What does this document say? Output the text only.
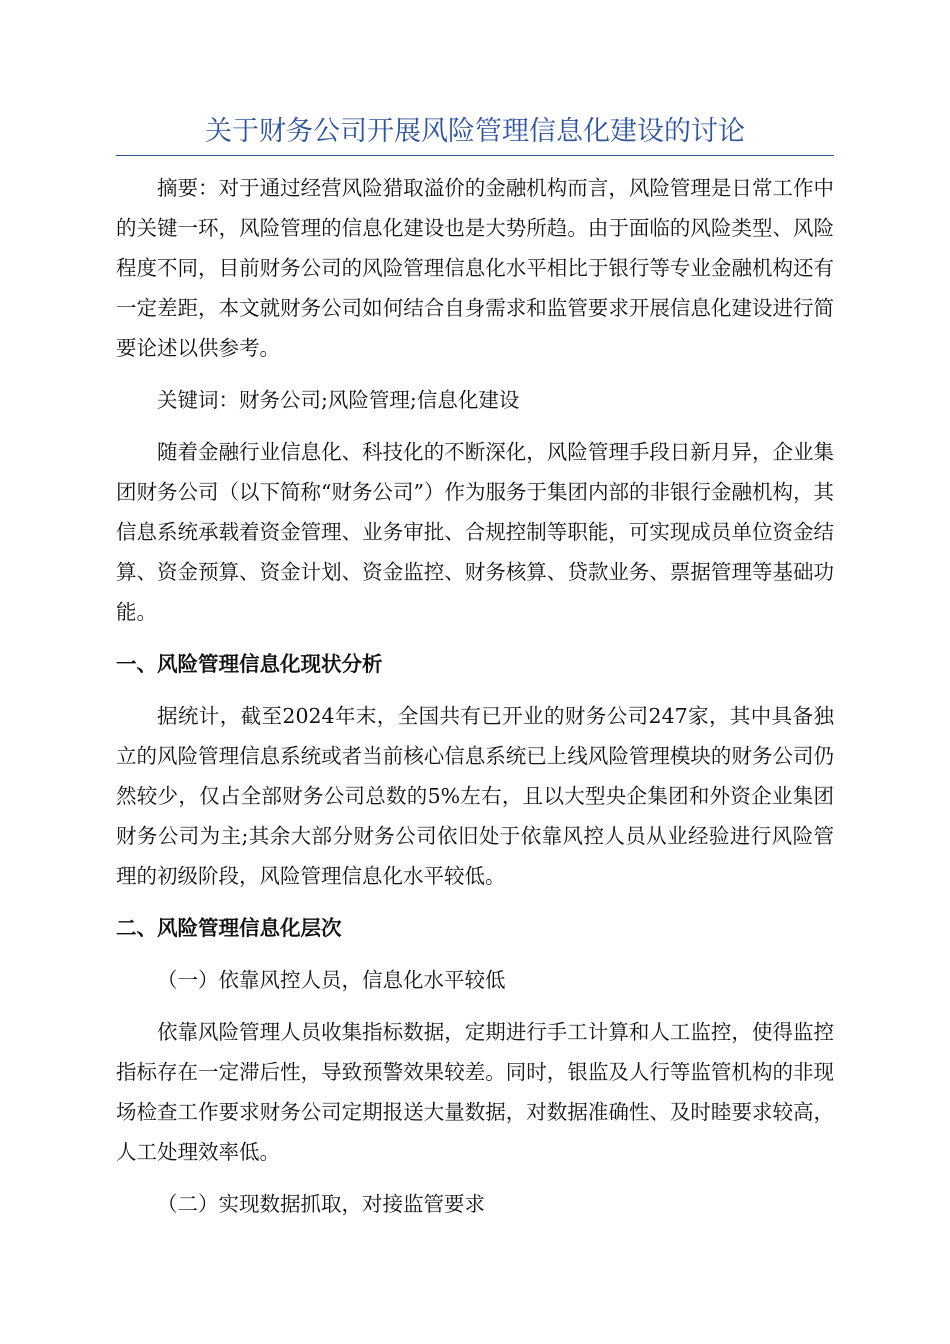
关于财务公司开展风险管理信息化建设的讨论

摘要：对于通过经营风险猎取溢价的金融机构而言，风险管理是日常工作中的关键一环，风险管理的信息化建设也是大势所趋。由于面临的风险类型、风险程度不同，目前财务公司的风险管理信息化水平相比于银行等专业金融机构还有一定差距，本文就财务公司如何结合自身需求和监管要求开展信息化建设进行简要论述以供参考。

关键词：财务公司;风险管理;信息化建设

随着金融行业信息化、科技化的不断深化，风险管理手段日新月异，企业集团财务公司（以下简称“财务公司”）作为服务于集团内部的非银行金融机构，其信息系统承载着资金管理、业务审批、合规控制等职能，可实现成员单位资金结算、资金预算、资金计划、资金监控、财务核算、贷款业务、票据管理等基础功能。

一、风险管理信息化现状分析

据统计，截至2024年末，全国共有已开业的财务公司247家，其中具备独立的风险管理信息系统或者当前核心信息系统已上线风险管理模块的财务公司仍然较少，仅占全部财务公司总数的5%左右，且以大型央企集团和外资企业集团财务公司为主;其余大部分财务公司依旧处于依靠风控人员从业经验进行风险管理的初级阶段，风险管理信息化水平较低。

二、风险管理信息化层次

（一）依靠风控人员，信息化水平较低

依靠风险管理人员收集指标数据，定期进行手工计算和人工监控，使得监控指标存在一定滞后性，导致预警效果较差。同时，银监及人行等监管机构的非现场检查工作要求财务公司定期报送大量数据，对数据准确性、及时睦要求较高，人工处理效率低。

（二）实现数据抓取，对接监管要求
